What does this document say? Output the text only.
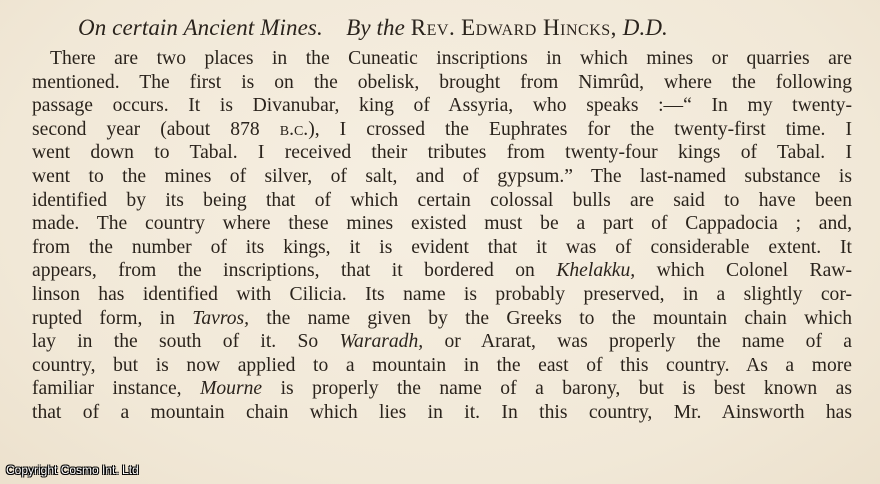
On certain Ancient Mines. By the Rev. Edward Hincks, D.D.
There are two places in the Cuneatic inscriptions in which mines or quarries are
mentioned. The first is on the obelisk, brought from Nimrûd, where the following
passage occurs. It is Divanubar, king of Assyria, who speaks :—“ In my twenty-
second year (about 878 b.c.), I crossed the Euphrates for the twenty-first time. I
went down to Tabal. I received their tributes from twenty-four kings of Tabal. I
went to the mines of silver, of salt, and of gypsum.” The last-named substance is
identified by its being that of which certain colossal bulls are said to have been
made. The country where these mines existed must be a part of Cappadocia ; and,
from the number of its kings, it is evident that it was of considerable extent. It
appears, from the inscriptions, that it bordered on Khelakku, which Colonel Raw-
linson has identified with Cilicia. Its name is probably preserved, in a slightly cor-
rupted form, in Tavros, the name given by the Greeks to the mountain chain which
lay in the south of it. So Wararadh, or Ararat, was properly the name of a
country, but is now applied to a mountain in the east of this country. As a more
familiar instance, Mourne is properly the name of a barony, but is best known as
that of a mountain chain which lies in it. In this country, Mr. Ainsworth has
Copyright Cosmo Int. Ltd
